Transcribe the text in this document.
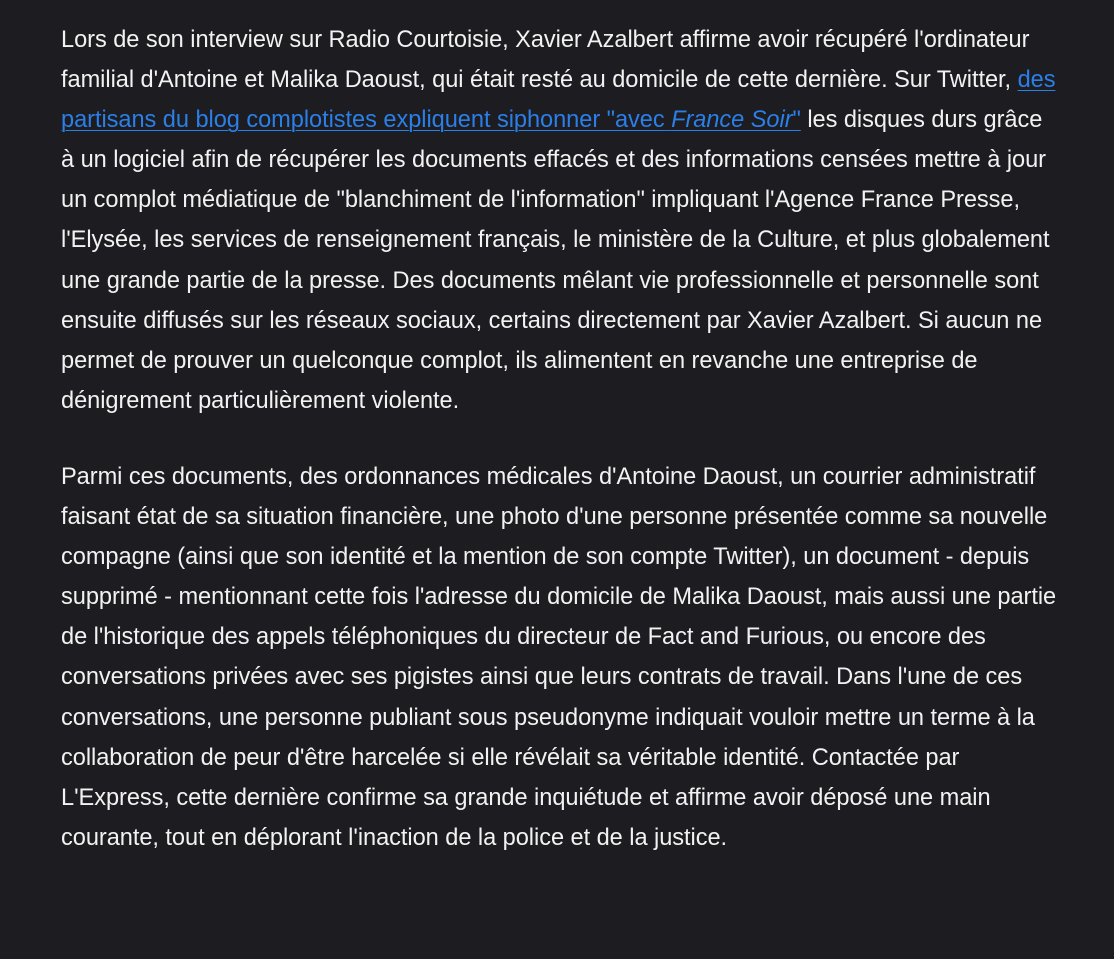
Lors de son interview sur Radio Courtoisie, Xavier Azalbert affirme avoir récupéré l'ordinateur familial d'Antoine et Malika Daoust, qui était resté au domicile de cette dernière. Sur Twitter, des partisans du blog complotistes expliquent siphonner "avec France Soir" les disques durs grâce à un logiciel afin de récupérer les documents effacés et des informations censées mettre à jour un complot médiatique de "blanchiment de l'information" impliquant l'Agence France Presse, l'Elysée, les services de renseignement français, le ministère de la Culture, et plus globalement une grande partie de la presse. Des documents mêlant vie professionnelle et personnelle sont ensuite diffusés sur les réseaux sociaux, certains directement par Xavier Azalbert. Si aucun ne permet de prouver un quelconque complot, ils alimentent en revanche une entreprise de dénigrement particulièrement violente.

Parmi ces documents, des ordonnances médicales d'Antoine Daoust, un courrier administratif faisant état de sa situation financière, une photo d'une personne présentée comme sa nouvelle compagne (ainsi que son identité et la mention de son compte Twitter), un document - depuis supprimé - mentionnant cette fois l'adresse du domicile de Malika Daoust, mais aussi une partie de l'historique des appels téléphoniques du directeur de Fact and Furious, ou encore des conversations privées avec ses pigistes ainsi que leurs contrats de travail. Dans l'une de ces conversations, une personne publiant sous pseudonyme indiquait vouloir mettre un terme à la collaboration de peur d'être harcelée si elle révélait sa véritable identité. Contactée par L'Express, cette dernière confirme sa grande inquiétude et affirme avoir déposé une main courante, tout en déplorant l'inaction de la police et de la justice.
